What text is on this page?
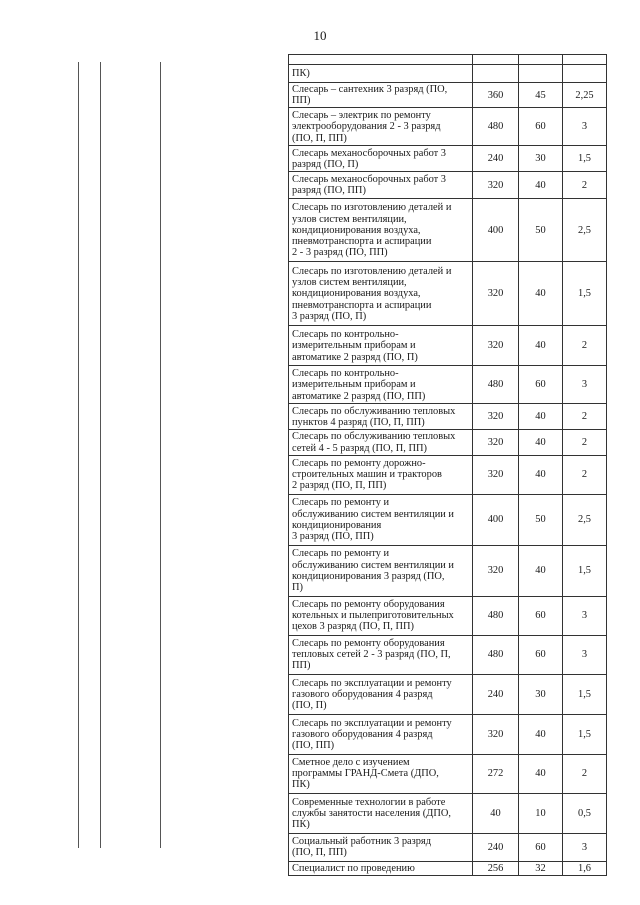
10

ПК)			
Слесарь – сантехник 3 разряд (ПО,
ПП)	360	45	2,25
Слесарь – электрик по ремонту
электрооборудования 2 - 3 разряд
(ПО, П, ПП)	480	60	3
Слесарь механосборочных работ 3
разряд (ПО, П)	240	30	1,5
Слесарь механосборочных работ 3
разряд (ПО, ПП)	320	40	2
Слесарь по изготовлению деталей и
узлов систем вентиляции,
кондиционирования воздуха,
пневмотранспорта и аспирации
2 - 3 разряд (ПО, ПП)	400	50	2,5
Слесарь по изготовлению деталей и
узлов систем вентиляции,
кондиционирования воздуха,
пневмотранспорта и аспирации
3 разряд (ПО, П)	320	40	1,5
Слесарь по контрольно-
измерительным приборам и
автоматике 2 разряд (ПО, П)	320	40	2
Слесарь по контрольно-
измерительным приборам и
автоматике 2 разряд (ПО, ПП)	480	60	3
Слесарь по обслуживанию тепловых
пунктов 4 разряд (ПО, П, ПП)	320	40	2
Слесарь по обслуживанию тепловых
сетей 4 - 5 разряд (ПО, П, ПП)	320	40	2
Слесарь по ремонту дорожно-
строительных машин и тракторов
2 разряд (ПО, П, ПП)	320	40	2
Слесарь по ремонту и
обслуживанию систем вентиляции и
кондиционирования
3 разряд (ПО, ПП)	400	50	2,5
Слесарь по ремонту и
обслуживанию систем вентиляции и
кондиционирования 3 разряд (ПО,
П)	320	40	1,5
Слесарь по ремонту оборудования
котельных и пылеприготовительных
цехов 3 разряд (ПО, П, ПП)	480	60	3
Слесарь по ремонту оборудования
тепловых сетей 2 - 3 разряд (ПО, П,
ПП)	480	60	3
Слесарь по эксплуатации и ремонту
газового оборудования 4 разряд
(ПО, П)	240	30	1,5
Слесарь по эксплуатации и ремонту
газового оборудования 4 разряд
(ПО, ПП)	320	40	1,5
Сметное дело с изучением
программы ГРАНД-Смета (ДПО,
ПК)	272	40	2
Современные технологии в работе
службы занятости населения (ДПО,
ПК)	40	10	0,5
Социальный работник 3 разряд
(ПО, П, ПП)	240	60	3
Специалист по проведению	256	32	1,6
